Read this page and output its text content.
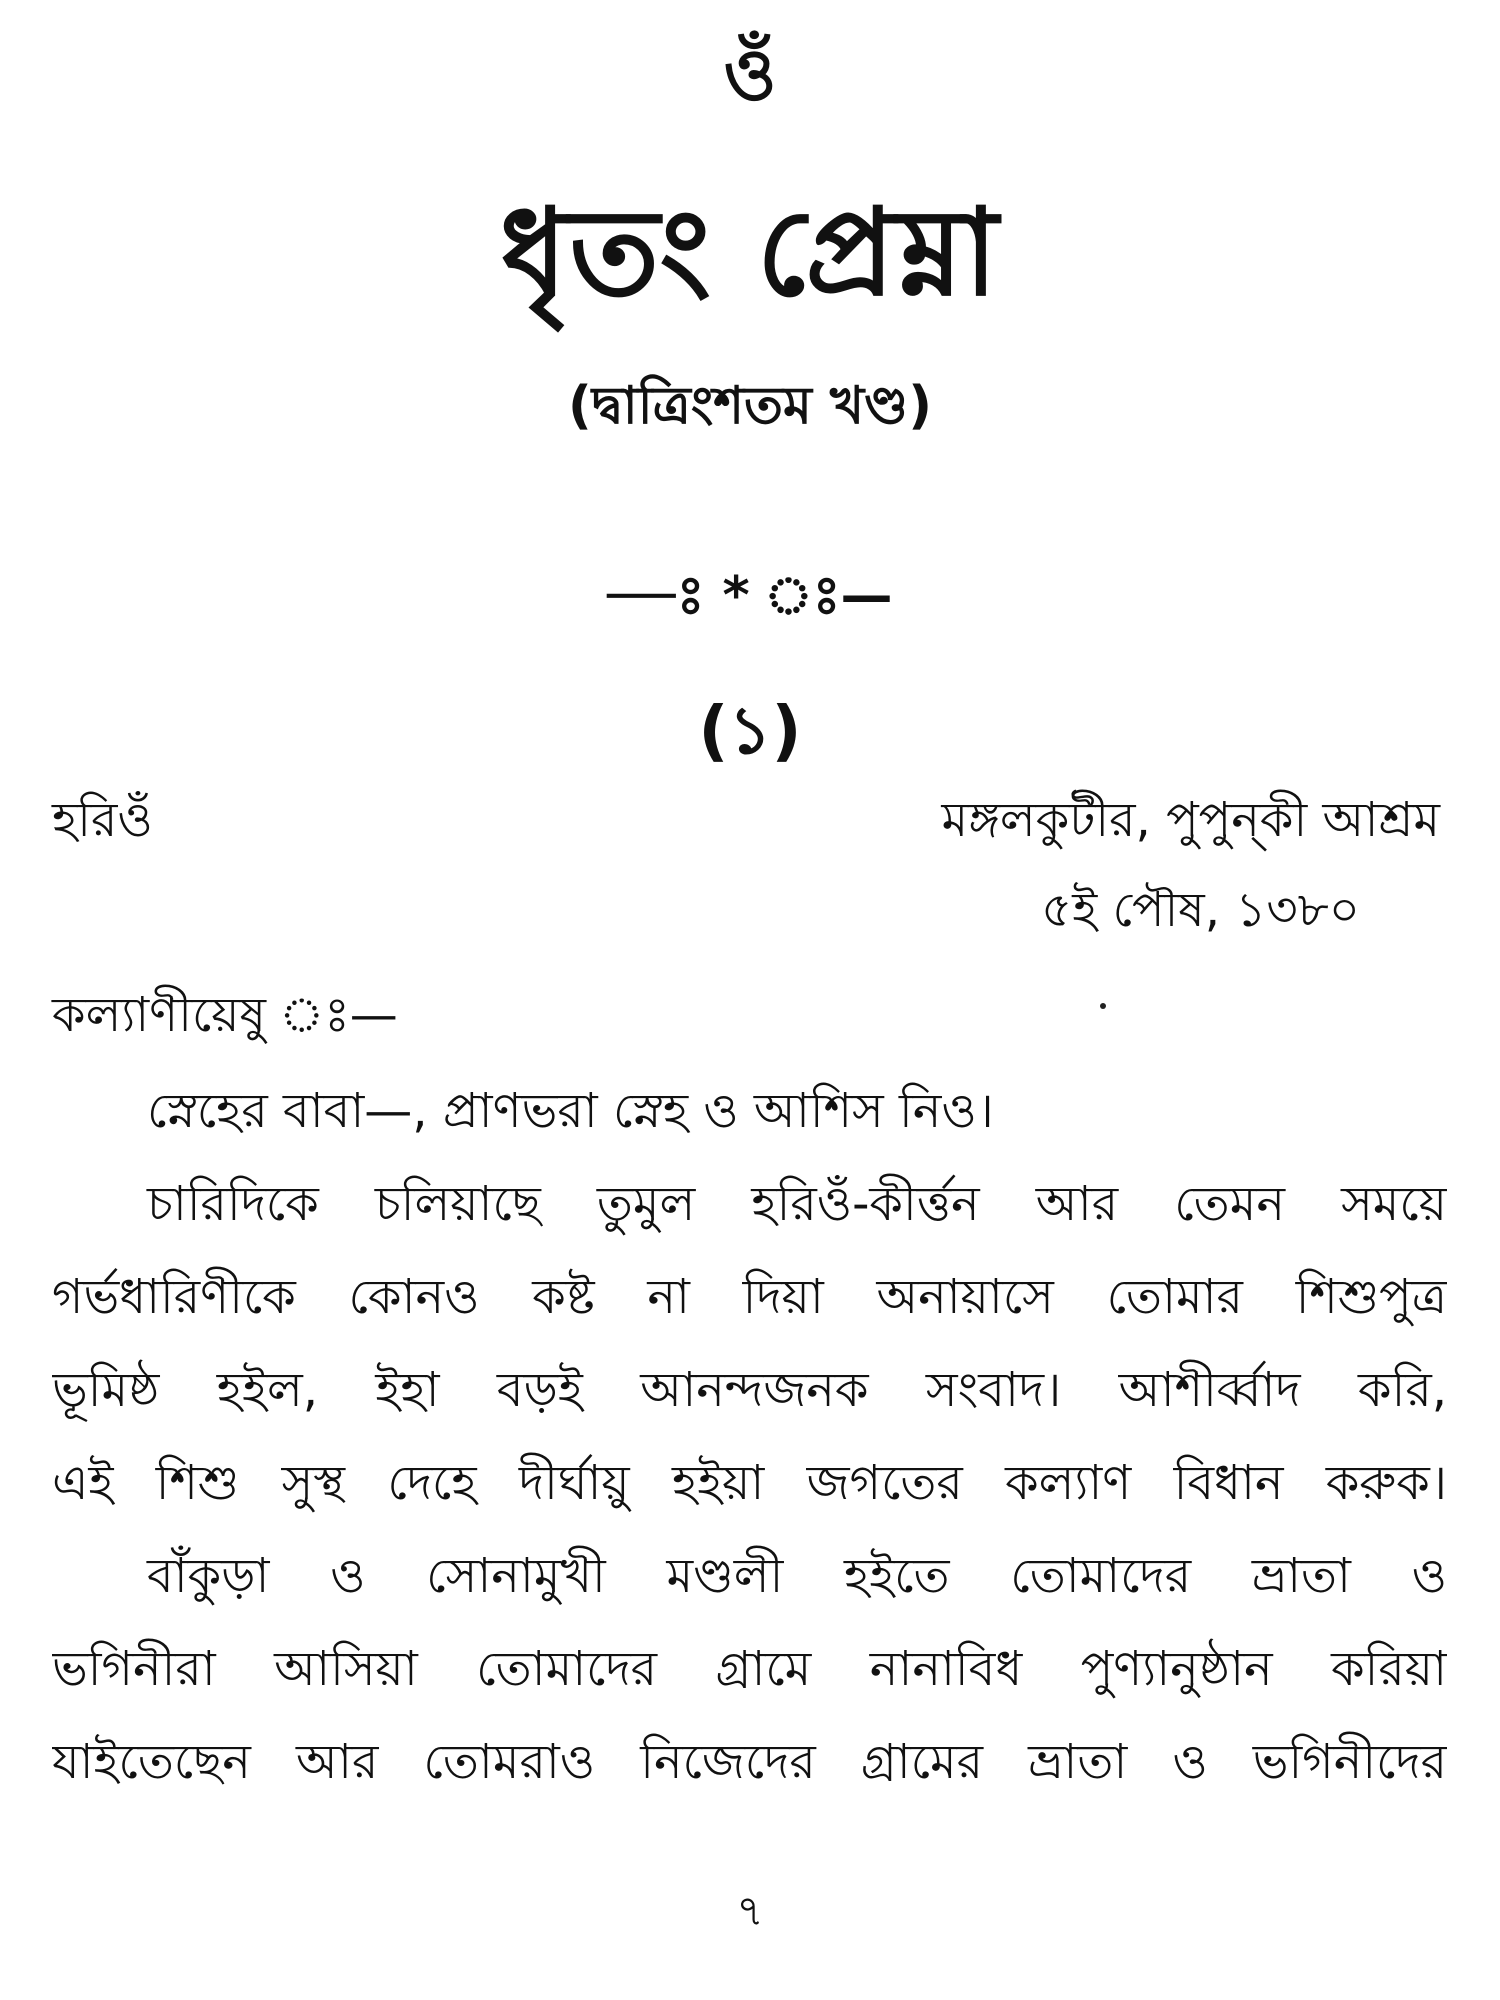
ওঁ
ধৃতং প্রেম্না
(দ্বাত্রিংশতম খণ্ড)
—ঃ * ঃ—
(১)
হরিওঁ	মঙ্গলকুটীর, পুপুন্‌কী আশ্রম
৫ই পৌষ, ১৩৮০
কল্যাণীয়েষু ঃ—
স্নেহের বাবা—, প্রাণভরা স্নেহ ও আশিস নিও।
চারিদিকে চলিয়াছে তুমুল হরিওঁ-কীর্ত্তন আর তেমন সময়ে
গর্ভধারিণীকে কোনও কষ্ট না দিয়া অনায়াসে তোমার শিশুপুত্র
ভূমিষ্ঠ হইল, ইহা বড়ই আনন্দজনক সংবাদ। আশীর্ব্বাদ করি,
এই শিশু সুস্থ দেহে দীর্ঘায়ু হইয়া জগতের কল্যাণ বিধান করুক।
বাঁকুড়া ও সোনামুখী মণ্ডলী হইতে তোমাদের ভ্রাতা ও
ভগিনীরা আসিয়া তোমাদের গ্রামে নানাবিধ পুণ্যানুষ্ঠান করিয়া
যাইতেছেন আর তোমরাও নিজেদের গ্রামের ভ্রাতা ও ভগিনীদের
৭
